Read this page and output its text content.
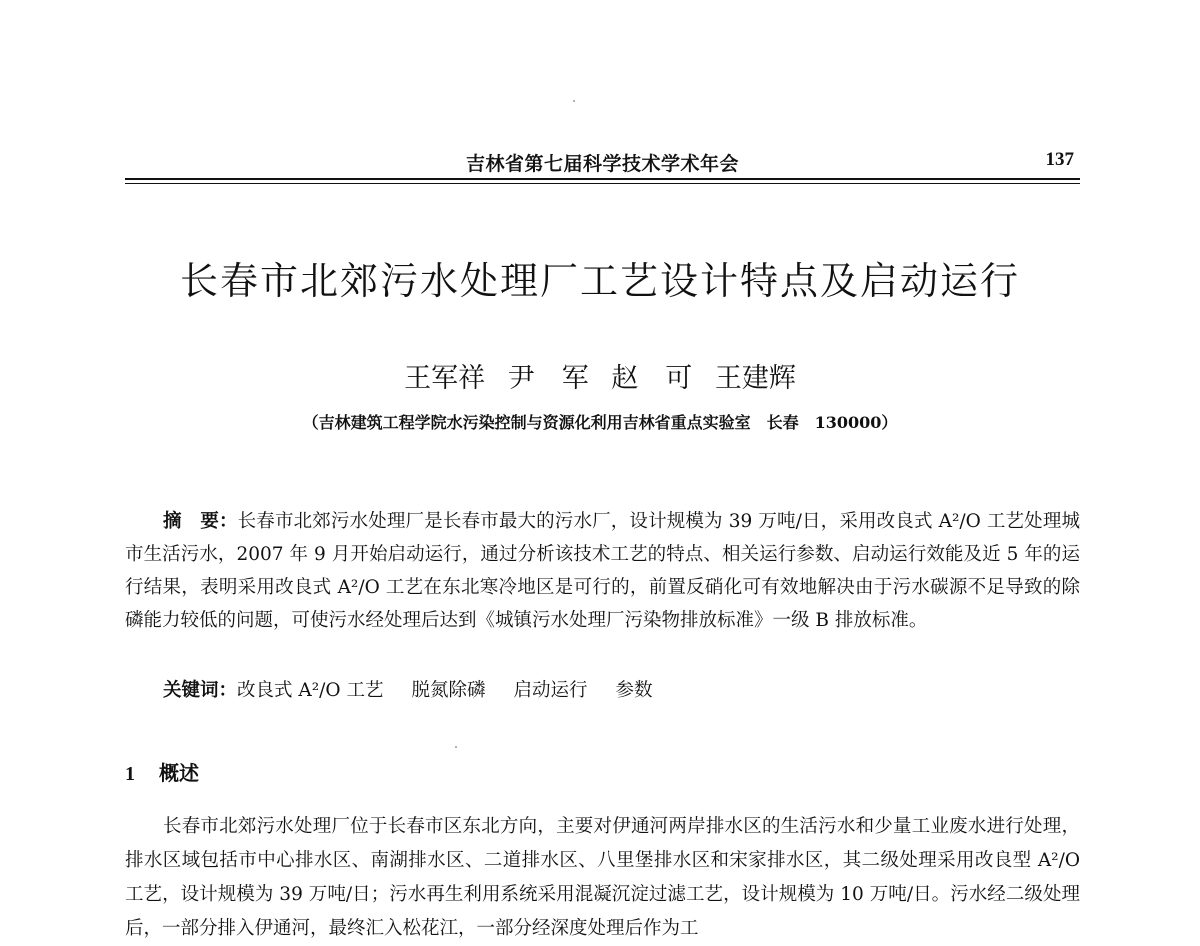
吉林省第七届科学技术学术年会	137
长春市北郊污水处理厂工艺设计特点及启动运行
王军祥 尹　军 赵　可 王建辉
（吉林建筑工程学院水污染控制与资源化利用吉林省重点实验室　长春　130000）

摘　要：长春市北郊污水处理厂是长春市最大的污水厂，设计规模为 39 万吨/日，采用改良式 A²/O 工艺处理城市生活污水，2007 年 9 月开始启动运行，通过分析该技术工艺的特点、相关运行参数、启动运行效能及近 5 年的运行结果，表明采用改良式 A²/O 工艺在东北寒冷地区是可行的，前置反硝化可有效地解决由于污水碳源不足导致的除磷能力较低的问题，可使污水经处理后达到《城镇污水处理厂污染物排放标准》一级 B 排放标准。

关键词：改良式 A²/O 工艺 脱氮除磷 启动运行 参数
1 概述

长春市北郊污水处理厂位于长春市区东北方向，主要对伊通河两岸排水区的生活污水和少量工业废水进行处理，排水区域包括市中心排水区、南湖排水区、二道排水区、八里堡排水区和宋家排水区，其二级处理采用改良型 A²/O 工艺，设计规模为 39 万吨/日；污水再生利用系统采用混凝沉淀过滤工艺，设计规模为 10 万吨/日。污水经二级处理后，一部分排入伊通河，最终汇入松花江，一部分经深度处理后作为工
